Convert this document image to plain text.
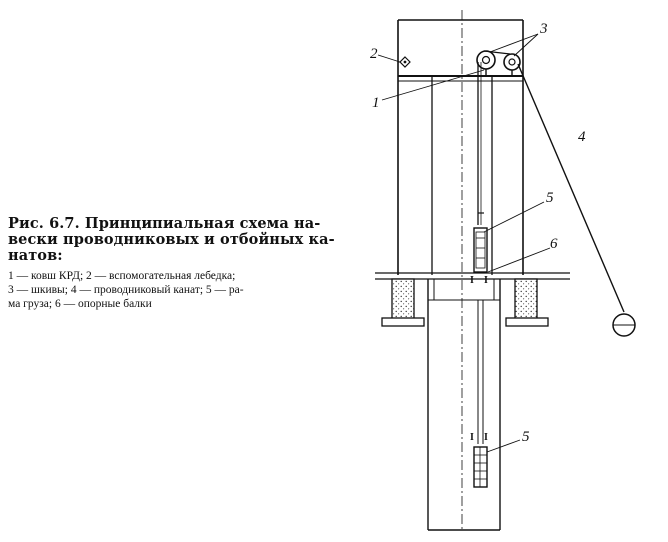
I I
I I
1
2
3
4
5
6
5

Рис. 6.7. Принципиальная схема на-
вески проводниковых и отбойных ка-
натов:

1 — ковш КРД; 2 — вспомогательная лебедка;
3 — шкивы; 4 — проводниковый канат; 5 — ра-
ма груза; 6 — опорные балки
